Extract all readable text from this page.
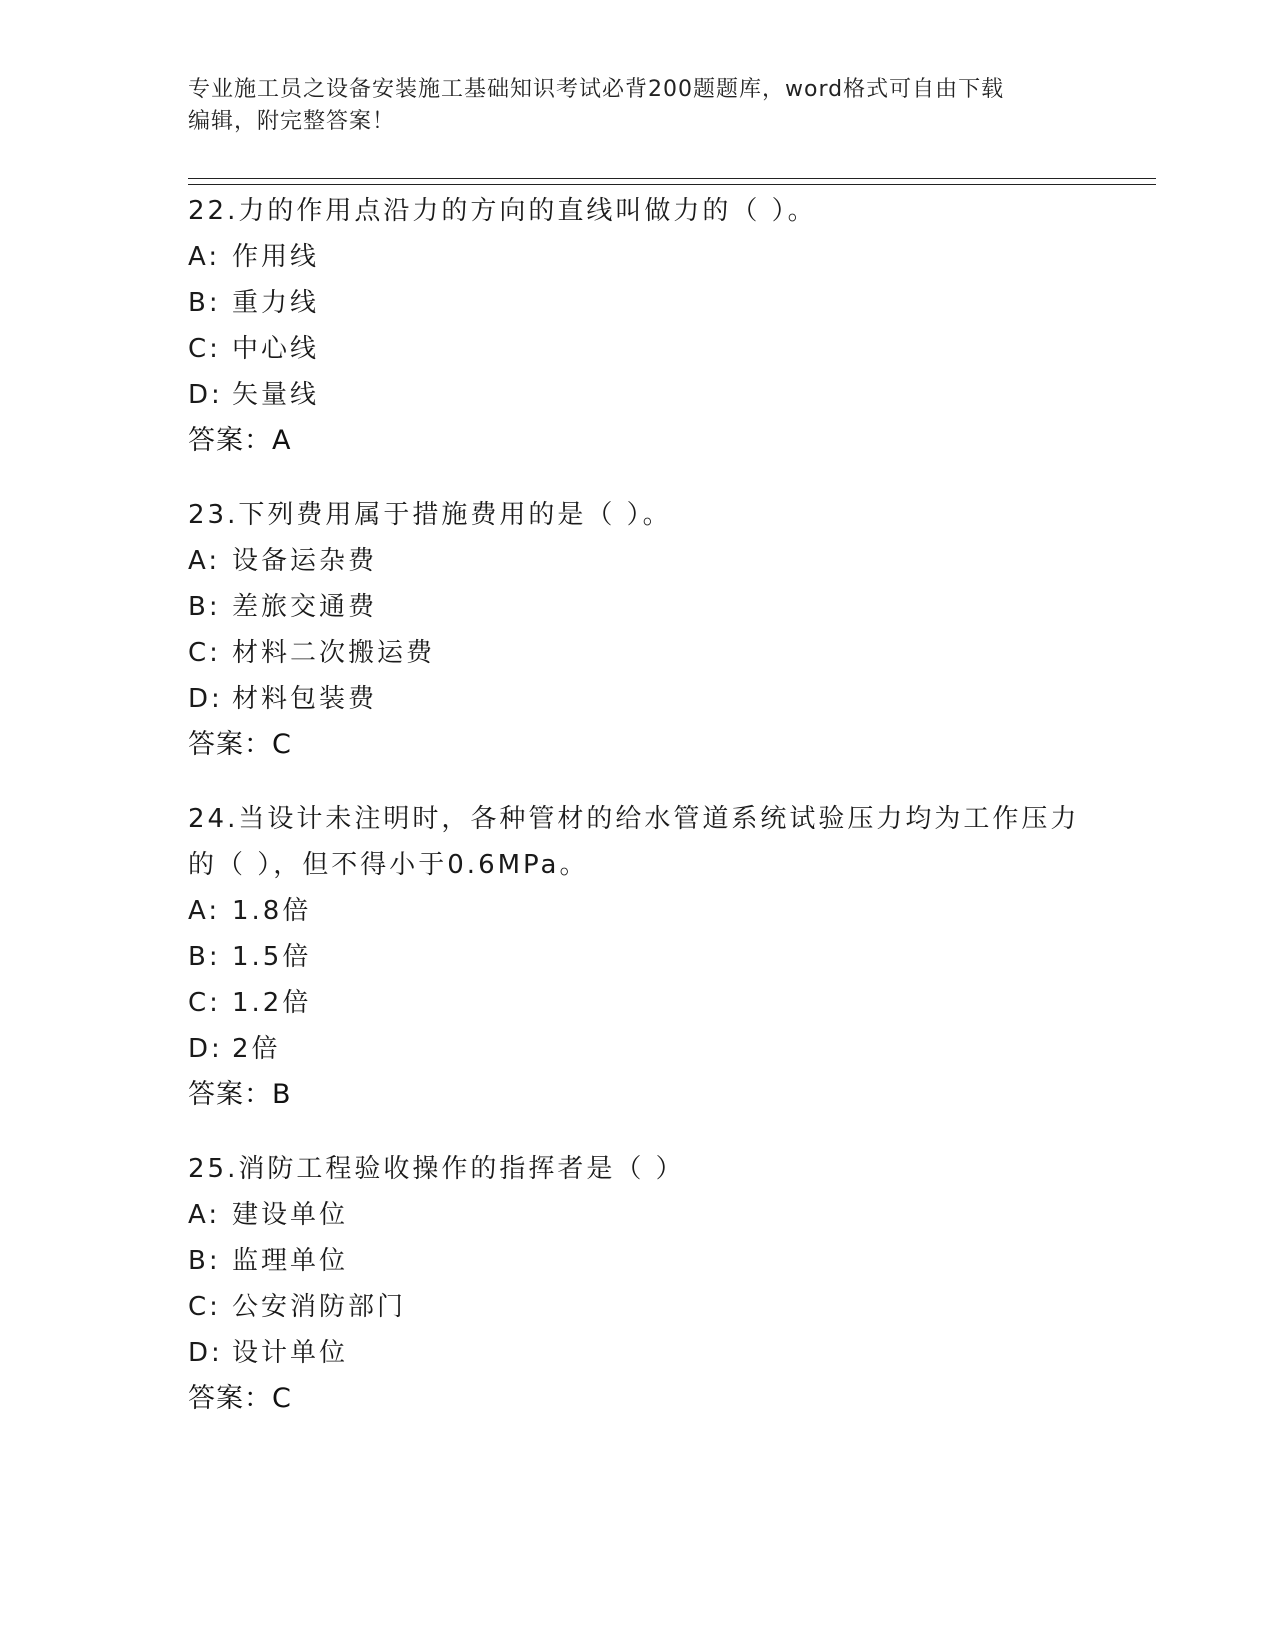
专业施工员之设备安装施工基础知识考试必背200题题库，word格式可自由下载
编辑，附完整答案！
22.力的作用点沿力的方向的直线叫做力的（ ）。
A: 作用线
B: 重力线
C: 中心线
D: 矢量线
答案：A
23.下列费用属于措施费用的是（ ）。
A: 设备运杂费
B: 差旅交通费
C: 材料二次搬运费
D: 材料包装费
答案：C
24.当设计未注明时，各种管材的给水管道系统试验压力均为工作压力的（ ），但不得小于0.6MPa。
A: 1.8倍
B: 1.5倍
C: 1.2倍
D: 2倍
答案：B
25.消防工程验收操作的指挥者是（ ）
A: 建设单位
B: 监理单位
C: 公安消防部门
D: 设计单位
答案：C
